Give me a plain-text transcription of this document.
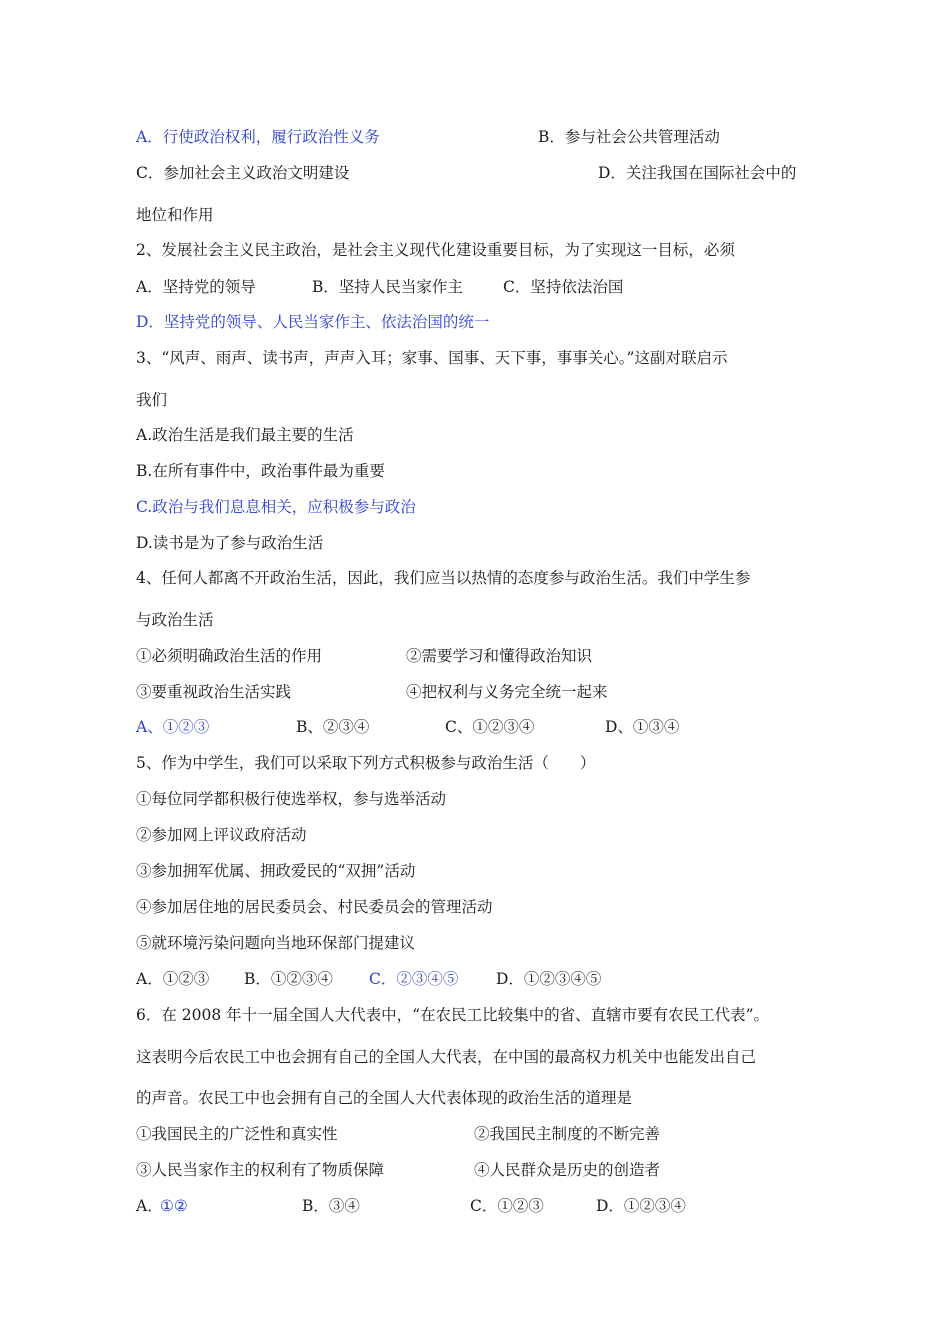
A．行使政治权利，履行政治性义务	B．参与社会公共管理活动
C．参加社会主义政治文明建设	D．关注我国在国际社会中的
地位和作用
2、发展社会主义民主政治，是社会主义现代化建设重要目标，为了实现这一目标，必须
A．坚持党的领导	B．坚持人民当家作主	C．坚持依法治国
D．坚持党的领导、人民当家作主、依法治国的统一
3、“风声、雨声、读书声，声声入耳；家事、国事、天下事，事事关心。”这副对联启示
我们
A.政治生活是我们最主要的生活
B.在所有事件中，政治事件最为重要
C.政治与我们息息相关，应积极参与政治
D.读书是为了参与政治生活
4、任何人都离不开政治生活，因此，我们应当以热情的态度参与政治生活。我们中学生参
与政治生活
①必须明确政治生活的作用	②需要学习和懂得政治知识
③要重视政治生活实践	④把权利与义务完全统一起来
A、①②③	B、②③④	C、①②③④	D、①③④
5、作为中学生，我们可以采取下列方式积极参与政治生活（　　）
①每位同学都积极行使选举权，参与选举活动
②参加网上评议政府活动
③参加拥军优属、拥政爱民的“双拥”活动
④参加居住地的居民委员会、村民委员会的管理活动
⑤就环境污染问题向当地环保部门提建议
A．①②③ B．①②③④ C．②③④⑤ D．①②③④⑤
6．在 2008 年十一届全国人大代表中，“在农民工比较集中的省、直辖市要有农民工代表”。
这表明今后农民工中也会拥有自己的全国人大代表，在中国的最高权力机关中也能发出自己
的声音。农民工中也会拥有自己的全国人大代表体现的政治生活的道理是
①我国民主的广泛性和真实性	②我国民主制度的不断完善
③人民当家作主的权利有了物质保障	④人民群众是历史的创造者
A．
①②	B．③④	C．①②③	D．①②③④
